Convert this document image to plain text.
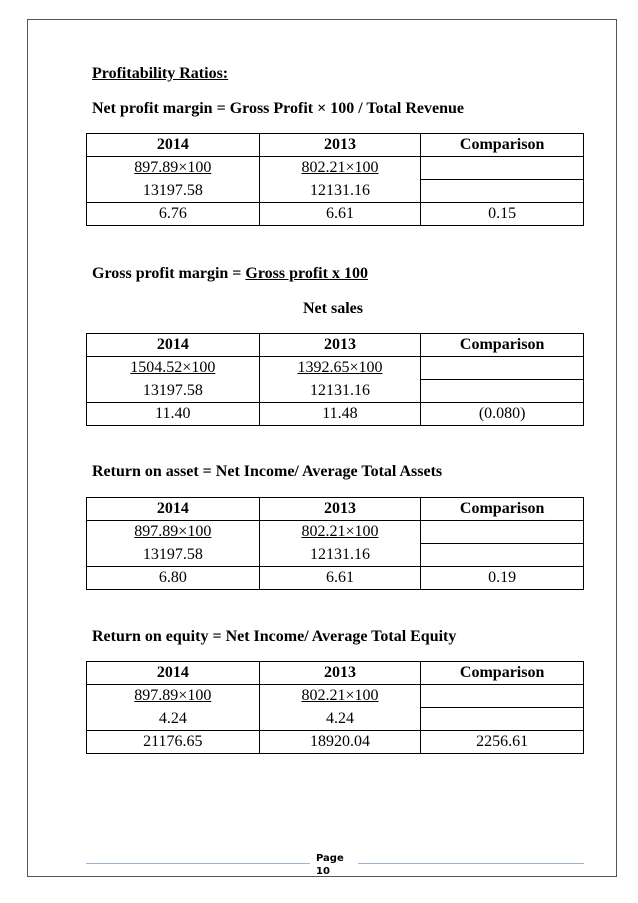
Profitability Ratios:
Net profit margin = Gross Profit × 100 / Total Revenue
2014	2013	Comparison
897.89×100	802.21×100	
13197.58	12131.16	
6.76	6.61	0.15
Gross profit margin = Gross profit x 100
Net sales
2014	2013	Comparison
1504.52×100	1392.65×100	
13197.58	12131.16	
11.40	11.48	(0.080)
Return on asset = Net Income/ Average Total Assets
2014	2013	Comparison
897.89×100	802.21×100	
13197.58	12131.16	
6.80	6.61	0.19
Return on equity = Net Income/ Average Total Equity
2014	2013	Comparison
897.89×100	802.21×100	
4.24	4.24	
21176.65	18920.04	2256.61
Page
10
